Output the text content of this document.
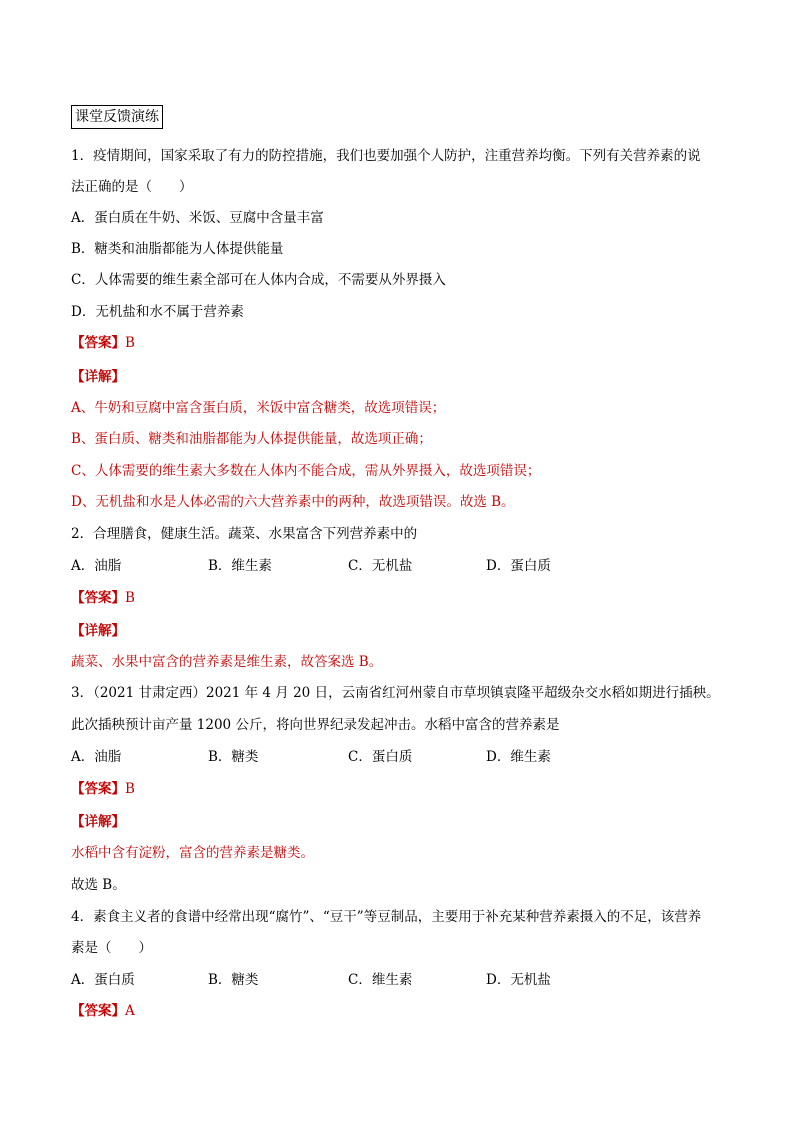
课堂反馈演练
1．疫情期间，国家采取了有力的防控措施，我们也要加强个人防护，注重营养均衡。下列有关营养素的说
法正确的是（　　）
A．蛋白质在牛奶、米饭、豆腐中含量丰富
B．糖类和油脂都能为人体提供能量
C．人体需要的维生素全部可在人体内合成，不需要从外界摄入
D．无机盐和水不属于营养素
【答案】B
【详解】
A、牛奶和豆腐中富含蛋白质，米饭中富含糖类，故选项错误；
B、蛋白质、糖类和油脂都能为人体提供能量，故选项正确；
C、人体需要的维生素大多数在人体内不能合成，需从外界摄入，故选项错误；
D、无机盐和水是人体必需的六大营养素中的两种，故选项错误。故选 B。
2．合理膳食，健康生活。蔬菜、水果富含下列营养素中的
A．油脂	B．维生素	C．无机盐	D．蛋白质
【答案】B
【详解】
蔬菜、水果中富含的营养素是维生素，故答案选 B。
3．（2021 甘肃定西）2021 年 4 月 20 日，云南省红河州蒙自市草坝镇袁隆平超级杂交水稻如期进行插秧。
此次插秧预计亩产量 1200 公斤，将向世界纪录发起冲击。水稻中富含的营养素是
A．油脂	B．糖类	C．蛋白质	D．维生素
【答案】B
【详解】
水稻中含有淀粉，富含的营养素是糖类。
故选 B。
4．素食主义者的食谱中经常出现“腐竹”、“豆干”等豆制品，主要用于补充某种营养素摄入的不足，该营养
素是（　　）
A．蛋白质	B．糖类	C．维生素	D．无机盐
【答案】A
